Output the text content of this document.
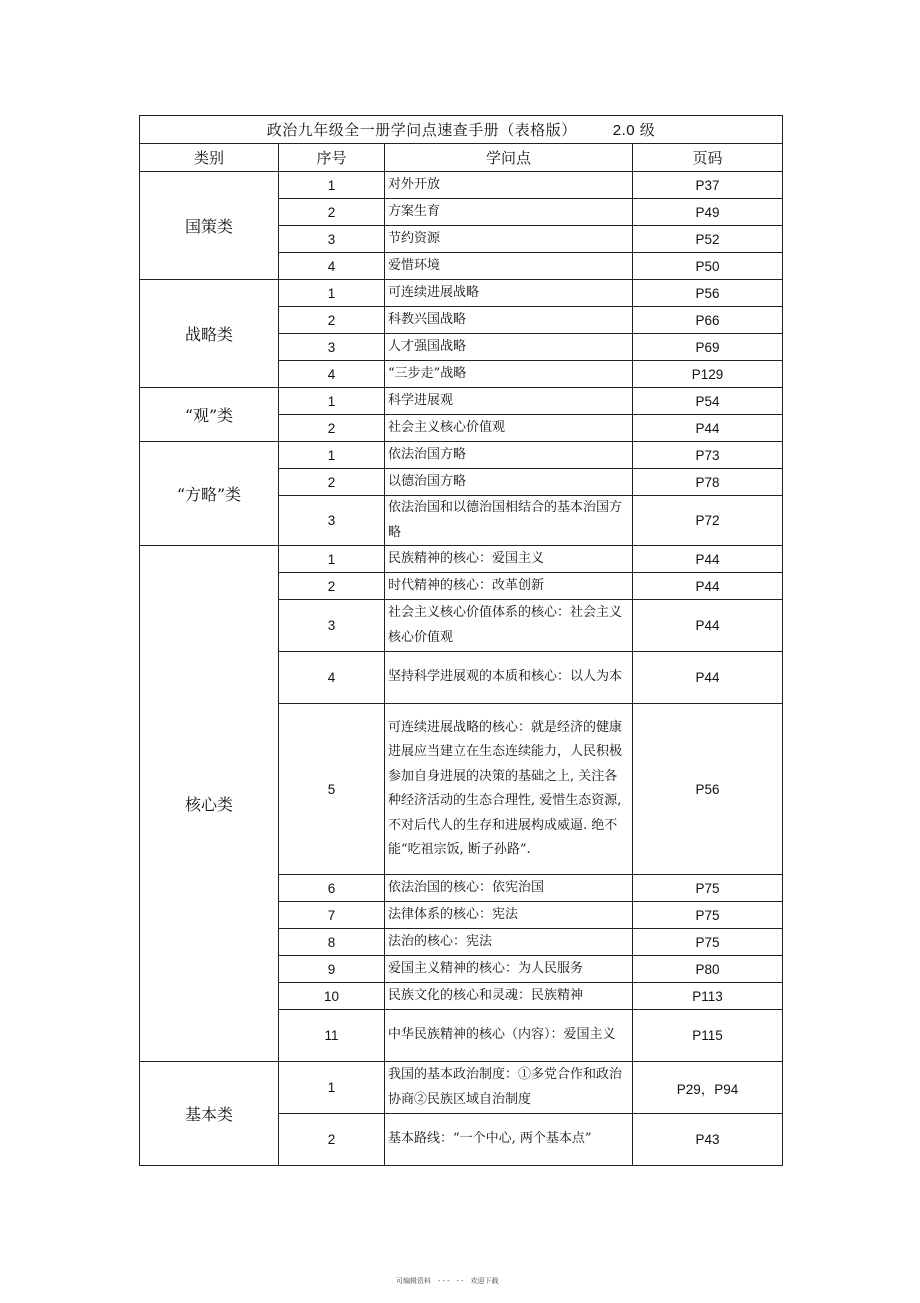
政治九年级全一册学问点速查手册（表格版） 2.0 级			
类别	序号	学问点	页码
国策类	1	对外开放	P37
	2	方案生育	P49
	3	节约资源	P52
	4	爱惜环境	P50
战略类	1	可连续进展战略	P56
	2	科教兴国战略	P66
	3	人才强国战略	P69
	4	“三步走”战略	P129
“观”类	1	科学进展观	P54
	2	社会主义核心价值观	P44
“方略”类	1	依法治国方略	P73
	2	以德治国方略	P78
	3	依法治国和以德治国相结合的基本治国方略	P72
核心类	1	民族精神的核心：爱国主义	P44
	2	时代精神的核心：改革创新	P44
	3	社会主义核心价值体系的核心：社会主义核心价值观	P44
	4	坚持科学进展观的本质和核心：以人为本	P44
	5	可连续进展战略的核心：就是经济的健康进展应当建立在生态连续能力，人民积极参加自身进展的决策的基础之上, 关注各种经济活动的生态合理性, 爱惜生态资源, 不对后代人的生存和进展构成威逼. 绝不能“吃祖宗饭, 断子孙路”.	P56
	6	依法治国的核心：依宪治国	P75
	7	法律体系的核心：宪法	P75
	8	法治的核心：宪法	P75
	9	爱国主义精神的核心：为人民服务	P80
	10	民族文化的核心和灵魂：民族精神	P113
	11	中华民族精神的核心（内容）：爱国主义	P115
基本类	1	我国的基本政治制度：①多党合作和政治协商②民族区域自治制度	P29，P94
	2	基本路线：“一个中心, 两个基本点”	P43
可编辑资料　- - -　- -　欢迎下载
